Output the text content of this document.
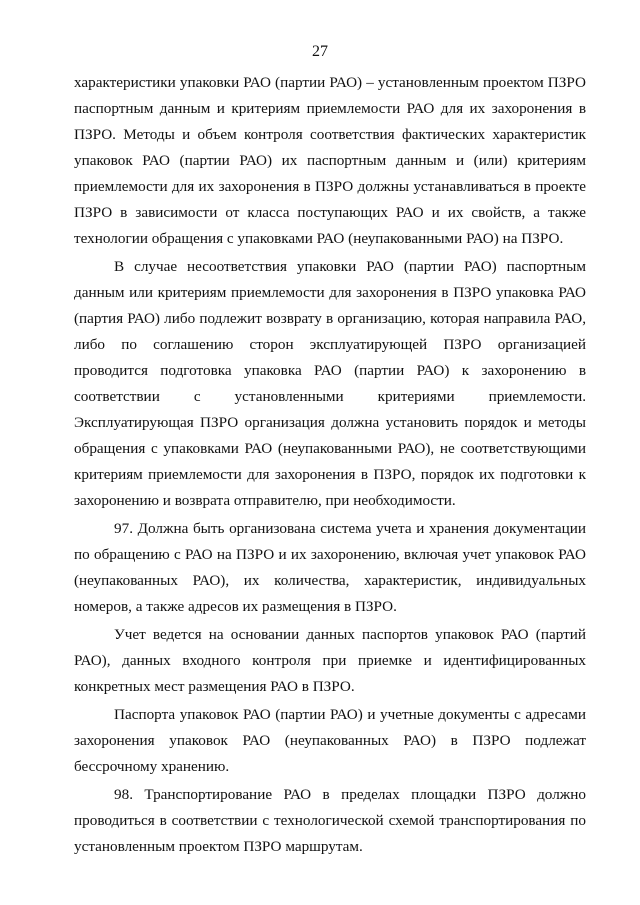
27

характеристики упаковки РАО (партии РАО) – установленным проектом ПЗРО паспортным данным и критериям приемлемости РАО для их захоронения в ПЗРО. Методы и объем контроля соответствия фактических характеристик упаковок РАО (партии РАО) их паспортным данным и (или) критериям приемлемости для их захоронения в ПЗРО должны устанавливаться в проекте ПЗРО в зависимости от класса поступающих РАО и их свойств, а также технологии обращения с упаковками РАО (неупакованными РАО) на ПЗРО.

В случае несоответствия упаковки РАО (партии РАО) паспортным данным или критериям приемлемости для захоронения в ПЗРО упаковка РАО (партия РАО) либо подлежит возврату в организацию, которая направила РАО, либо по соглашению сторон эксплуатирующей ПЗРО организацией проводится подготовка упаковка РАО (партии РАО) к захоронению в соответствии с установленными критериями приемлемости. Эксплуатирующая ПЗРО организация должна установить порядок и методы обращения с упаковками РАО (неупакованными РАО), не соответствующими критериям приемлемости для захоронения в ПЗРО, порядок их подготовки к захоронению и возврата отправителю, при необходимости.

97. Должна быть организована система учета и хранения документации по обращению с РАО на ПЗРО и их захоронению, включая учет упаковок РАО (неупакованных РАО), их количества, характеристик, индивидуальных номеров, а также адресов их размещения в ПЗРО.

Учет ведется на основании данных паспортов упаковок РАО (партий РАО), данных входного контроля при приемке и идентифицированных конкретных мест размещения РАО в ПЗРО.

Паспорта упаковок РАО (партии РАО) и учетные документы с адресами захоронения упаковок РАО (неупакованных РАО) в ПЗРО подлежат бессрочному хранению.

98. Транспортирование РАО в пределах площадки ПЗРО должно проводиться в соответствии с технологической схемой транспортирования по установленным проектом ПЗРО маршрутам.
